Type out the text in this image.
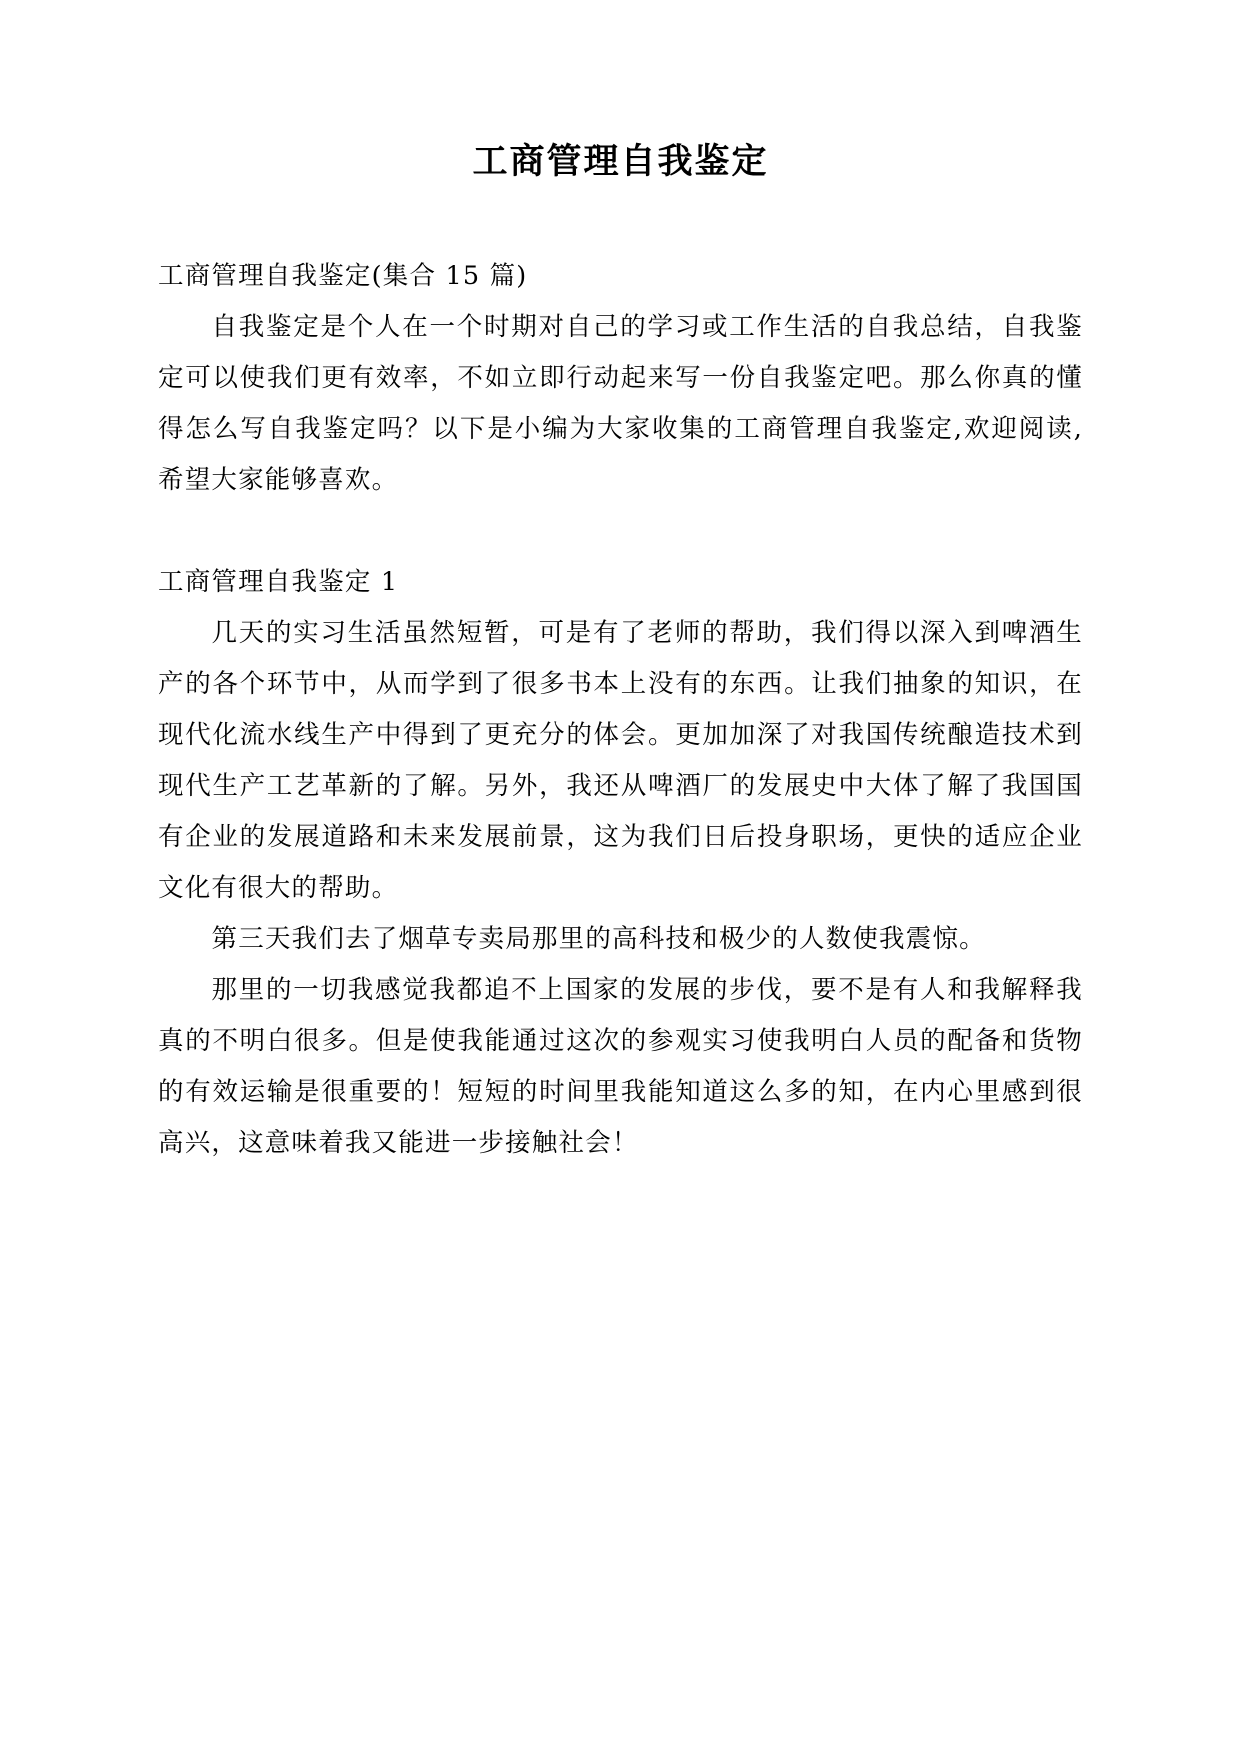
工商管理自我鉴定

工商管理自我鉴定(集合 15 篇)

自我鉴定是个人在一个时期对自己的学习或工作生活的自我总结，自我鉴定可以使我们更有效率，不如立即行动起来写一份自我鉴定吧。那么你真的懂得怎么写自我鉴定吗？以下是小编为大家收集的工商管理自我鉴定,欢迎阅读,希望大家能够喜欢。

工商管理自我鉴定 1

几天的实习生活虽然短暂，可是有了老师的帮助，我们得以深入到啤酒生产的各个环节中，从而学到了很多书本上没有的东西。让我们抽象的知识，在现代化流水线生产中得到了更充分的体会。更加加深了对我国传统酿造技术到现代生产工艺革新的了解。另外，我还从啤酒厂的发展史中大体了解了我国国有企业的发展道路和未来发展前景，这为我们日后投身职场，更快的适应企业文化有很大的帮助。

第三天我们去了烟草专卖局那里的高科技和极少的人数使我震惊。

那里的一切我感觉我都追不上国家的发展的步伐，要不是有人和我解释我真的不明白很多。但是使我能通过这次的参观实习使我明白人员的配备和货物的有效运输是很重要的！短短的时间里我能知道这么多的知，在内心里感到很高兴，这意味着我又能进一步接触社会！
